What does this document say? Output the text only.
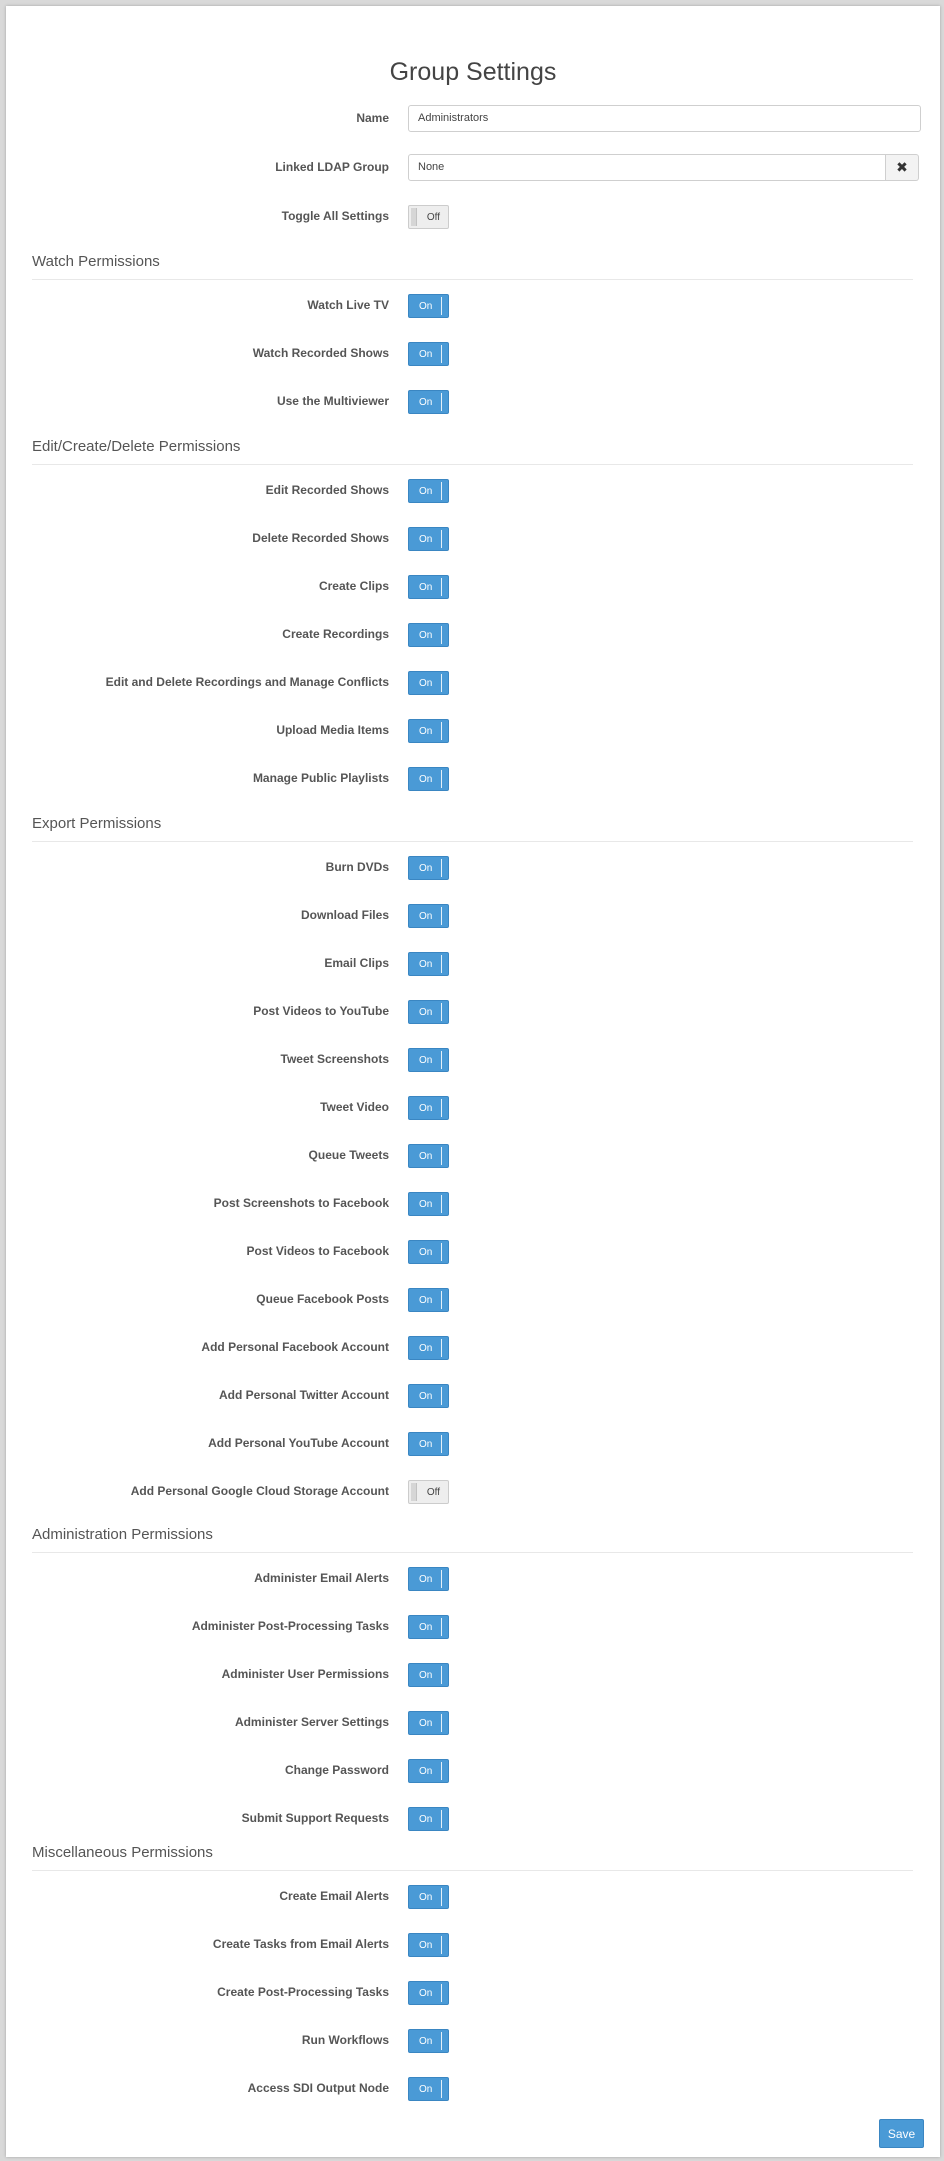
Group Settings
Name	Administrators
Linked LDAP Group	None	✖
Toggle All Settings	Off
Watch Permissions
Watch Live TV	On
Watch Recorded Shows	On
Use the Multiviewer	On
Edit/Create/Delete Permissions
Edit Recorded Shows	On
Delete Recorded Shows	On
Create Clips	On
Create Recordings	On
Edit and Delete Recordings and Manage Conflicts	On
Upload Media Items	On
Manage Public Playlists	On
Export Permissions
Burn DVDs	On
Download Files	On
Email Clips	On
Post Videos to YouTube	On
Tweet Screenshots	On
Tweet Video	On
Queue Tweets	On
Post Screenshots to Facebook	On
Post Videos to Facebook	On
Queue Facebook Posts	On
Add Personal Facebook Account	On
Add Personal Twitter Account	On
Add Personal YouTube Account	On
Add Personal Google Cloud Storage Account	Off
Administration Permissions
Administer Email Alerts	On
Administer Post-Processing Tasks	On
Administer User Permissions	On
Administer Server Settings	On
Change Password	On
Submit Support Requests	On
Miscellaneous Permissions
Create Email Alerts	On
Create Tasks from Email Alerts	On
Create Post-Processing Tasks	On
Run Workflows	On
Access SDI Output Node	On
Save
